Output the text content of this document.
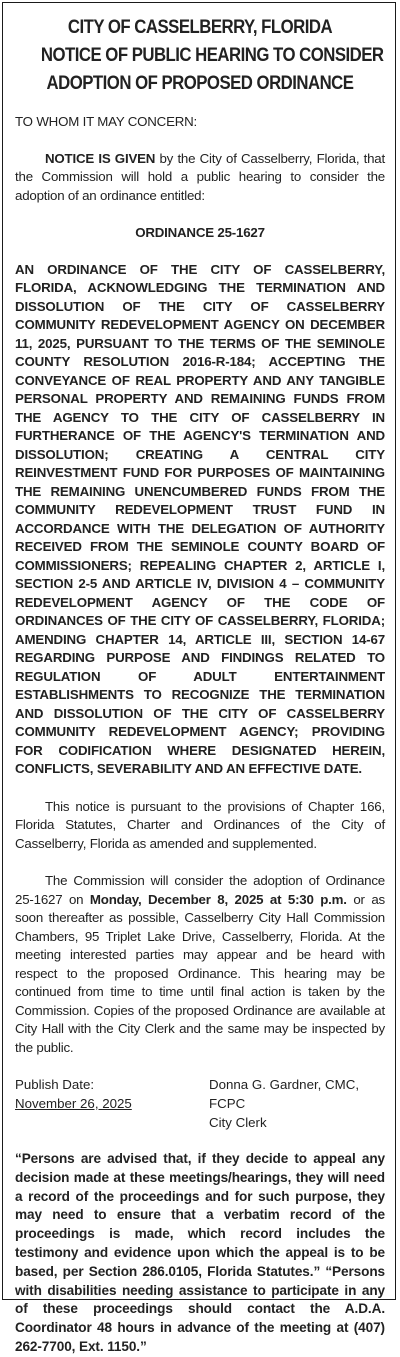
CITY OF CASSELBERRY, FLORIDA
NOTICE OF PUBLIC HEARING TO CONSIDER
ADOPTION OF PROPOSED ORDINANCE

TO WHOM IT MAY CONCERN:

NOTICE IS GIVEN by the City of Casselberry, Florida, that the Commission will hold a public hearing to consider the adoption of an ordinance entitled:

ORDINANCE 25-1627

AN ORDINANCE OF THE CITY OF CASSELBERRY, FLORIDA, ACKNOWLEDGING THE TERMINATION AND DISSOLUTION OF THE CITY OF CASSELBERRY COMMUNITY REDEVELOPMENT AGENCY ON DECEMBER 11, 2025, PURSUANT TO THE TERMS OF THE SEMINOLE COUNTY RESOLUTION 2016-R-184; ACCEPTING THE CONVEYANCE OF REAL PROPERTY AND ANY TANGIBLE PERSONAL PROPERTY AND REMAINING FUNDS FROM THE AGENCY TO THE CITY OF CASSELBERRY IN FURTHERANCE OF THE AGENCY'S TERMINATION AND DISSOLUTION; CREATING A CENTRAL CITY REINVESTMENT FUND FOR PURPOSES OF MAINTAINING THE REMAINING UNENCUMBERED FUNDS FROM THE COMMUNITY REDEVELOPMENT TRUST FUND IN ACCORDANCE WITH THE DELEGATION OF AUTHORITY RECEIVED FROM THE SEMINOLE COUNTY BOARD OF COMMISSIONERS; REPEALING CHAPTER 2, ARTICLE I, SECTION 2-5 AND ARTICLE IV, DIVISION 4 – COMMUNITY REDEVELOPMENT AGENCY OF THE CODE OF ORDINANCES OF THE CITY OF CASSELBERRY, FLORIDA; AMENDING CHAPTER 14, ARTICLE III, SECTION 14-67 REGARDING PURPOSE AND FINDINGS RELATED TO REGULATION OF ADULT ENTERTAINMENT ESTABLISHMENTS TO RECOGNIZE THE TERMINATION AND DISSOLUTION OF THE CITY OF CASSELBERRY COMMUNITY REDEVELOPMENT AGENCY; PROVIDING FOR CODIFICATION WHERE DESIGNATED HEREIN, CONFLICTS, SEVERABILITY AND AN EFFECTIVE DATE.

This notice is pursuant to the provisions of Chapter 166, Florida Statutes, Charter and Ordinances of the City of Casselberry, Florida as amended and supplemented.

The Commission will consider the adoption of Ordinance 25-1627 on Monday, December 8, 2025 at 5:30 p.m. or as soon thereafter as possible, Casselberry City Hall Commission Chambers, 95 Triplet Lake Drive, Casselberry, Florida. At the meeting interested parties may appear and be heard with respect to the proposed Ordinance. This hearing may be continued from time to time until final action is taken by the Commission. Copies of the proposed Ordinance are available at City Hall with the City Clerk and the same may be inspected by the public.

Publish Date:
November 26, 2025
Donna G. Gardner, CMC, FCPC
City Clerk

“Persons are advised that, if they decide to appeal any decision made at these meetings/hearings, they will need a record of the proceedings and for such purpose, they may need to ensure that a verbatim record of the proceedings is made, which record includes the testimony and evidence upon which the appeal is to be based, per Section 286.0105, Florida Statutes.” “Persons with disabilities needing assistance to participate in any of these proceedings should contact the A.D.A. Coordinator 48 hours in advance of the meeting at (407) 262-7700, Ext. 1150.”
